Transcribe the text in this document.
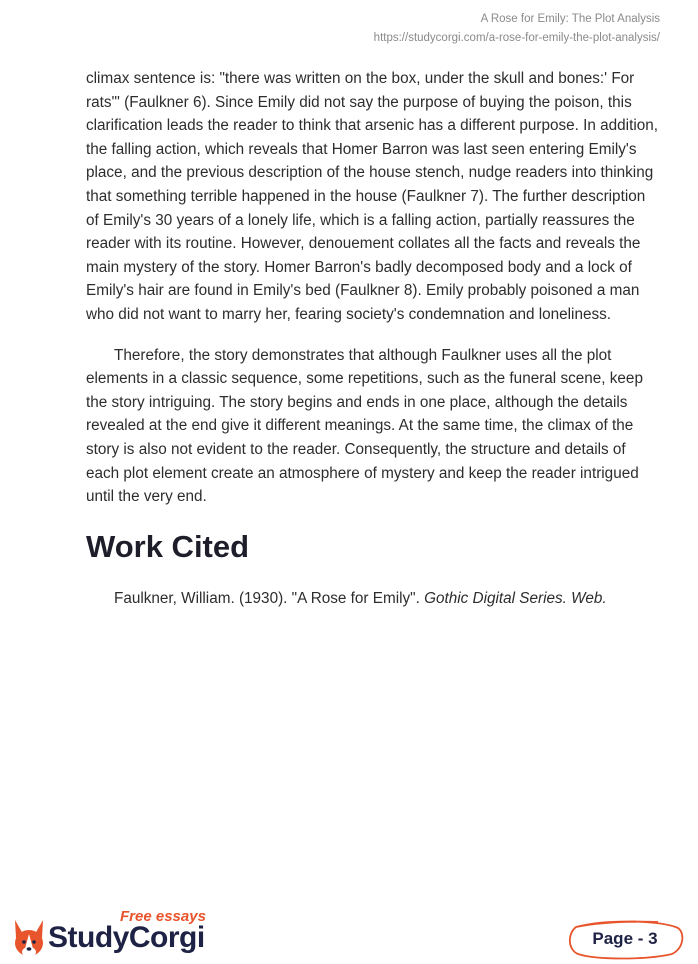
A Rose for Emily: The Plot Analysis
https://studycorgi.com/a-rose-for-emily-the-plot-analysis/

climax sentence is: "there was written on the box, under the skull and bones:' For rats'" (Faulkner 6). Since Emily did not say the purpose of buying the poison, this clarification leads the reader to think that arsenic has a different purpose. In addition, the falling action, which reveals that Homer Barron was last seen entering Emily's place, and the previous description of the house stench, nudge readers into thinking that something terrible happened in the house (Faulkner 7). The further description of Emily's 30 years of a lonely life, which is a falling action, partially reassures the reader with its routine. However, denouement collates all the facts and reveals the main mystery of the story. Homer Barron's badly decomposed body and a lock of Emily's hair are found in Emily's bed (Faulkner 8). Emily probably poisoned a man who did not want to marry her, fearing society's condemnation and loneliness.

Therefore, the story demonstrates that although Faulkner uses all the plot elements in a classic sequence, some repetitions, such as the funeral scene, keep the story intriguing. The story begins and ends in one place, although the details revealed at the end give it different meanings. At the same time, the climax of the story is also not evident to the reader. Consequently, the structure and details of each plot element create an atmosphere of mystery and keep the reader intrigued until the very end.

Work Cited

Faulkner, William. (1930). "A Rose for Emily". Gothic Digital Series. Web.

Free essays
StudyCorgi	Page - 3
